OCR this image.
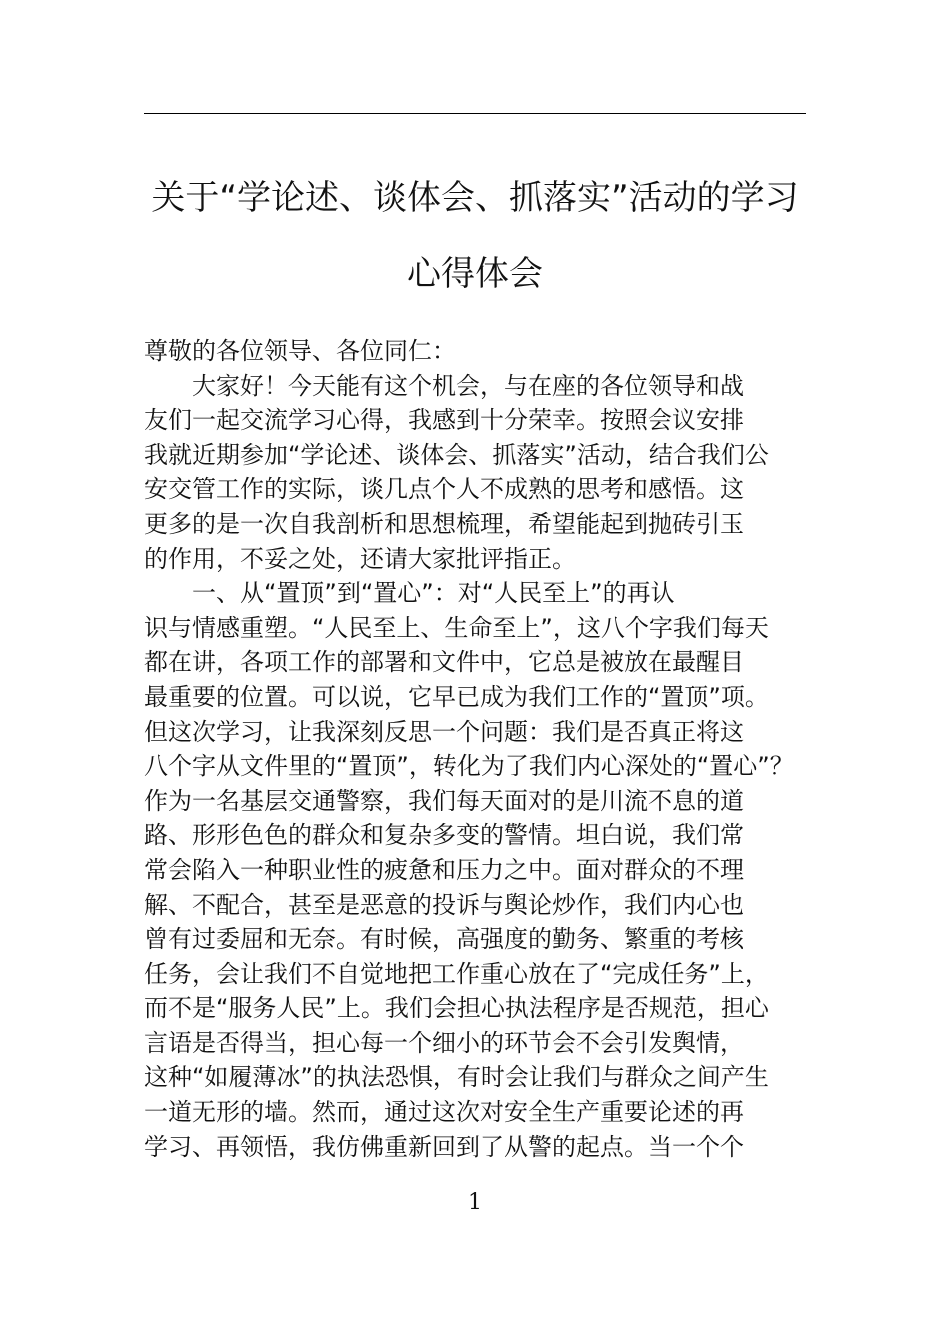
关于“学论述、谈体会、抓落实”活动的学习
心得体会
尊敬的各位领导、各位同仁：
大家好！今天能有这个机会，与在座的各位领导和战
友们一起交流学习心得，我感到十分荣幸。按照会议安排
我就近期参加“学论述、谈体会、抓落实”活动，结合我们公
安交管工作的实际，谈几点个人不成熟的思考和感悟。这
更多的是一次自我剖析和思想梳理，希望能起到抛砖引玉
的作用，不妥之处，还请大家批评指正。
一、从“置顶”到“置心”：对“人民至上”的再认
识与情感重塑。“人民至上、生命至上”，这八个字我们每天
都在讲，各项工作的部署和文件中，它总是被放在最醒目
最重要的位置。可以说，它早已成为我们工作的“置顶”项。
但这次学习，让我深刻反思一个问题：我们是否真正将这
八个字从文件里的“置顶”，转化为了我们内心深处的“置心”？
作为一名基层交通警察，我们每天面对的是川流不息的道
路、形形色色的群众和复杂多变的警情。坦白说，我们常
常会陷入一种职业性的疲惫和压力之中。面对群众的不理
解、不配合，甚至是恶意的投诉与舆论炒作，我们内心也
曾有过委屈和无奈。有时候，高强度的勤务、繁重的考核
任务，会让我们不自觉地把工作重心放在了“完成任务”上，
而不是“服务人民”上。我们会担心执法程序是否规范，担心
言语是否得当，担心每一个细小的环节会不会引发舆情，
这种“如履薄冰”的执法恐惧，有时会让我们与群众之间产生
一道无形的墙。然而，通过这次对安全生产重要论述的再
学习、再领悟，我仿佛重新回到了从警的起点。当一个个
1
